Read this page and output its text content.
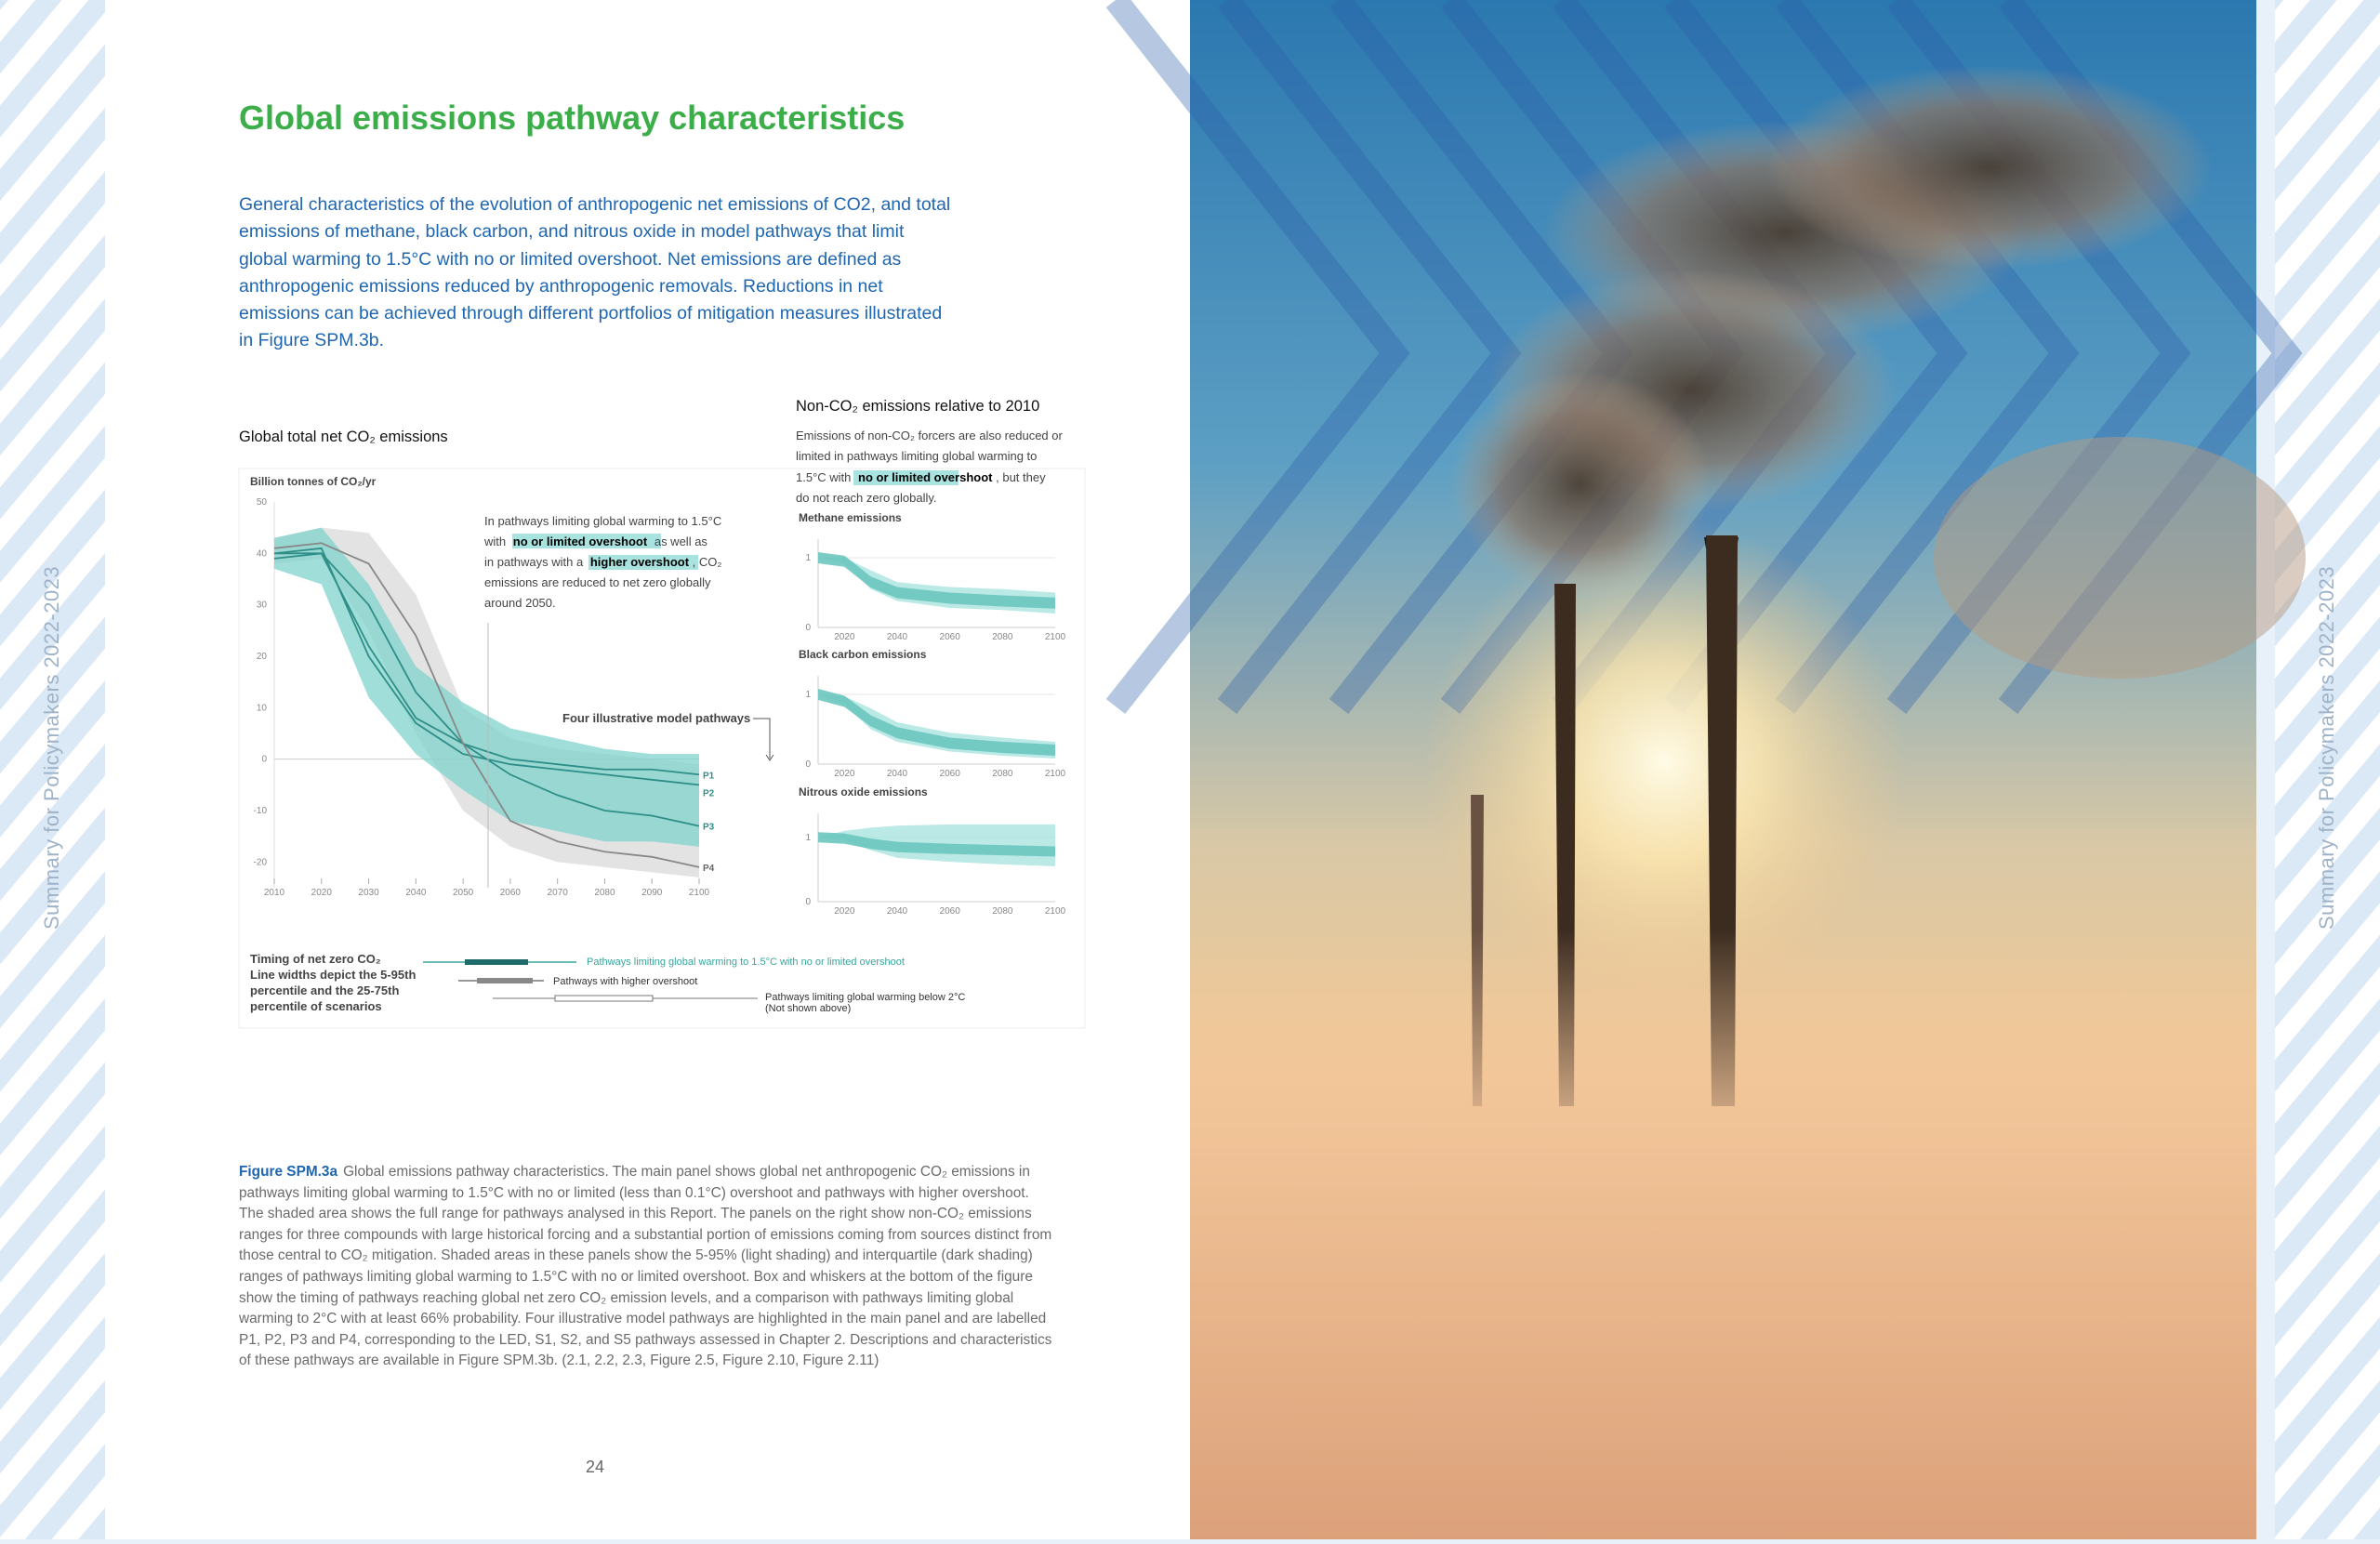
Summary for Policymakers 2022-2023	Summary for Policymakers 2022-2023
Global emissions pathway characteristics
General characteristics of the evolution of anthropogenic net emissions of CO2, and total emissions of methane, black carbon, and nitrous oxide in model pathways that limit global warming to 1.5°C with no or limited overshoot. Net emissions are defined as anthropogenic emissions reduced by anthropogenic removals. Reductions in net emissions can be achieved through different portfolios of mitigation measures illustrated in Figure SPM.3b.
Global total net CO₂ emissions
Non-CO₂ emissions relative to 2010
Billion tonnes of CO₂/yr
Emissions of non-CO₂ forcers are also reduced or
limited in pathways limiting global warming to
1.5°C with no or limited overshoot , but they
do not reach zero globally.
50
40
30
20
10
0
-10
-20
2010	2020	2030	2040	2050	2060	2070	2080	2090	2100
P1
P2
P3
P4
In pathways limiting global warming to 1.5°C with no or limited overshoot as well as in pathways with a higher overshoot , CO₂ emissions are reduced to net zero globally around 2050.
Four illustrative model pathways
Methane emissions
1
0
2020	2040	2060	2080	2100
Black carbon emissions
1
0
2020	2040	2060	2080	2100
Nitrous oxide emissions
1
0
2020	2040	2060	2080	2100
Timing of net zero CO₂
Line widths depict the 5-95th
percentile and the 25-75th
percentile of scenarios
Pathways limiting global warming to 1.5°C with no or limited overshoot
Pathways with higher overshoot
Pathways limiting global warming below 2°C
(Not shown above)
Figure SPM.3a Global emissions pathway characteristics. The main panel shows global net anthropogenic CO₂ emissions in pathways limiting global warming to 1.5°C with no or limited (less than 0.1°C) overshoot and pathways with higher overshoot. The shaded area shows the full range for pathways analysed in this Report. The panels on the right show non-CO₂ emissions ranges for three compounds with large historical forcing and a substantial portion of emissions coming from sources distinct from those central to CO₂ mitigation. Shaded areas in these panels show the 5-95% (light shading) and interquartile (dark shading) ranges of pathways limiting global warming to 1.5°C with no or limited overshoot. Box and whiskers at the bottom of the figure show the timing of pathways reaching global net zero CO₂ emission levels, and a comparison with pathways limiting global warming to 2°C with at least 66% probability. Four illustrative model pathways are highlighted in the main panel and are labelled P1, P2, P3 and P4, corresponding to the LED, S1, S2, and S5 pathways assessed in Chapter 2. Descriptions and characteristics of these pathways are available in Figure SPM.3b. (2.1, 2.2, 2.3, Figure 2.5, Figure 2.10, Figure 2.11)
24
